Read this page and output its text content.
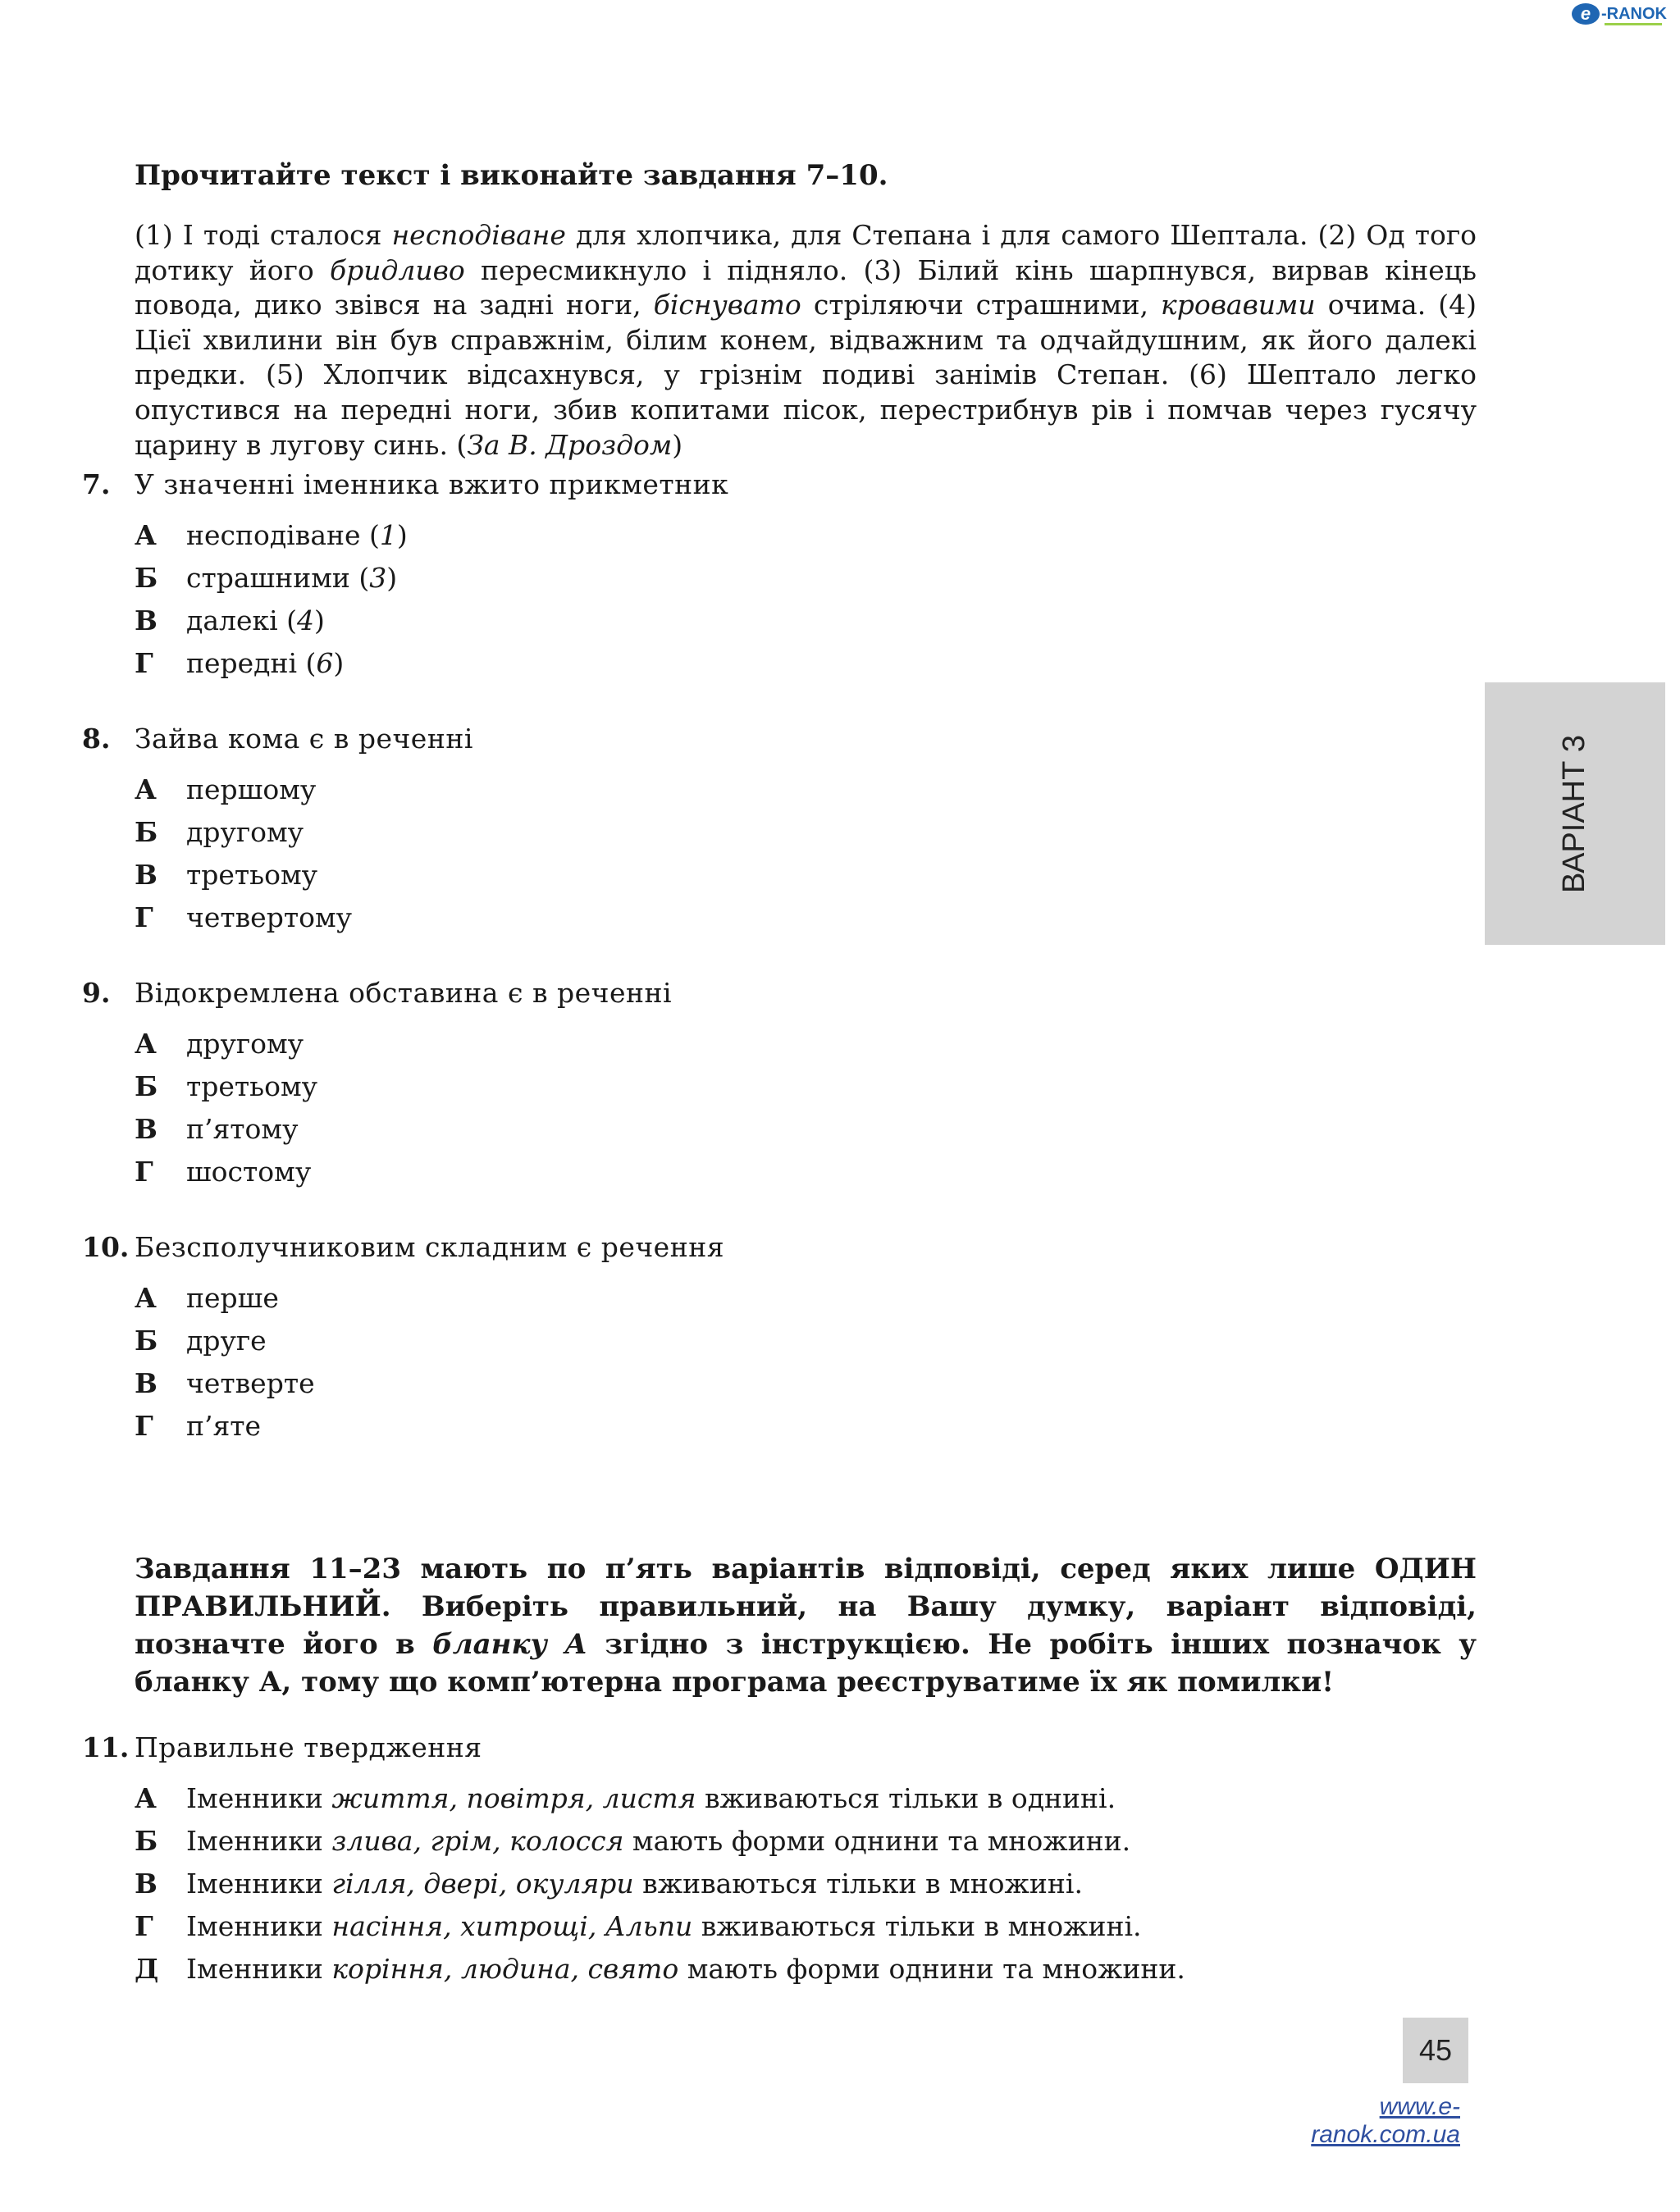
e -RANOK
Прочитайте текст і виконайте завдання 7–10.
(1) І тоді сталося несподіване для хлопчика, для Степана і для самого Шептала. (2) Од того дотику його бридливо пересмикнуло і підняло. (3) Білий кінь шарпнувся, вирвав кінець повода, дико звівся на задні ноги, біснувато стріляючи страшними, кровавими очима. (4) Цієї хвилини він був справжнім, білим конем, відважним та одчайдушним, як його далекі предки. (5) Хлопчик відсахнувся, у грізнім подиві занімів Степан. (6) Шептало легко опустився на передні ноги, збив копитами пісок, перестрибнув рів і помчав через гусячу царину в лугову синь. (За В. Дроздом)
7. У значенні іменника вжито прикметник
А	несподіване (1)
Б	страшними (3)
В	далекі (4)
Г	передні (6)
8. Зайва кома є в реченні
А	першому
Б	другому
В	третьому
Г	четвертому
9. Відокремлена обставина є в реченні
А	другому
Б	третьому
В	п’ятому
Г	шостому
10. Безсполучниковим складним є речення
А	перше
Б	друге
В	четверте
Г	п’яте
Завдання 11–23 мають по п’ять варіантів відповіді, серед яких лише ОДИН ПРАВИЛЬНИЙ. Виберіть правильний, на Вашу думку, варіант відповіді, позначте його в бланку А згідно з інструкцією. Не робіть інших позначок у бланку А, тому що комп’ютерна програма реєструватиме їх як помилки!
11. Правильне твердження
А	Іменники життя, повітря, листя вживаються тільки в однині.
Б	Іменники злива, грім, колосся мають форми однини та множини.
В	Іменники гілля, двері, окуляри вживаються тільки в множині.
Г	Іменники насіння, хитрощі, Альпи вживаються тільки в множині.
Д	Іменники коріння, людина, свято мають форми однини та множини.
ВАРІАНТ 3
45
www.e-ranok.com.ua
